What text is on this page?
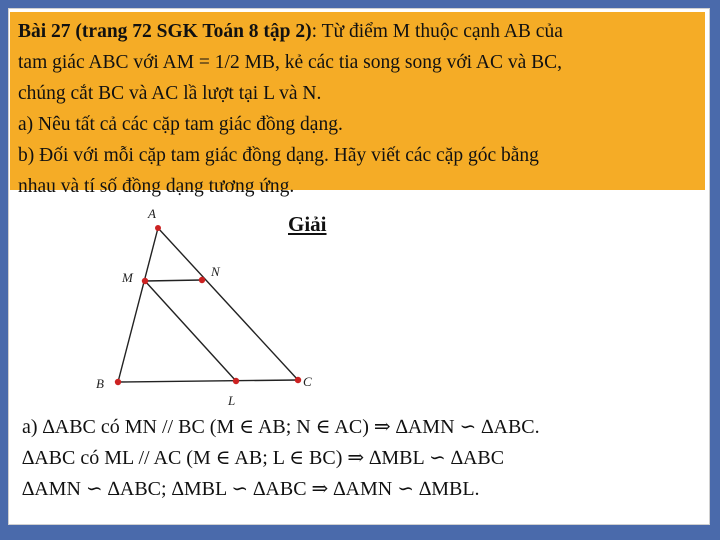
Bài 27 (trang 72 SGK Toán 8 tập 2): Từ điểm M thuộc cạnh AB của
tam giác ABC với AM = 1/2 MB, kẻ các tia song song với AC và BC,
chúng cắt BC và AC lầ lượt tại L và N.
a) Nêu tất cả các cặp tam giác đồng dạng.
b) Đối với mỗi cặp tam giác đồng dạng. Hãy viết các cặp góc bằng
nhau và tí số đồng dạng tương ứng.
Giải
A
M	N
B	C
L
a) ∆ABC có MN // BC (M ∈ AB; N ∈ AC) ⇒ ∆AMN ∽ ∆ABC.
∆ABC có ML // AC (M ∈ AB; L ∈ BC) ⇒ ∆MBL ∽ ∆ABC
∆AMN ∽ ∆ABC; ∆MBL ∽ ∆ABC ⇒ ∆AMN ∽ ∆MBL.
